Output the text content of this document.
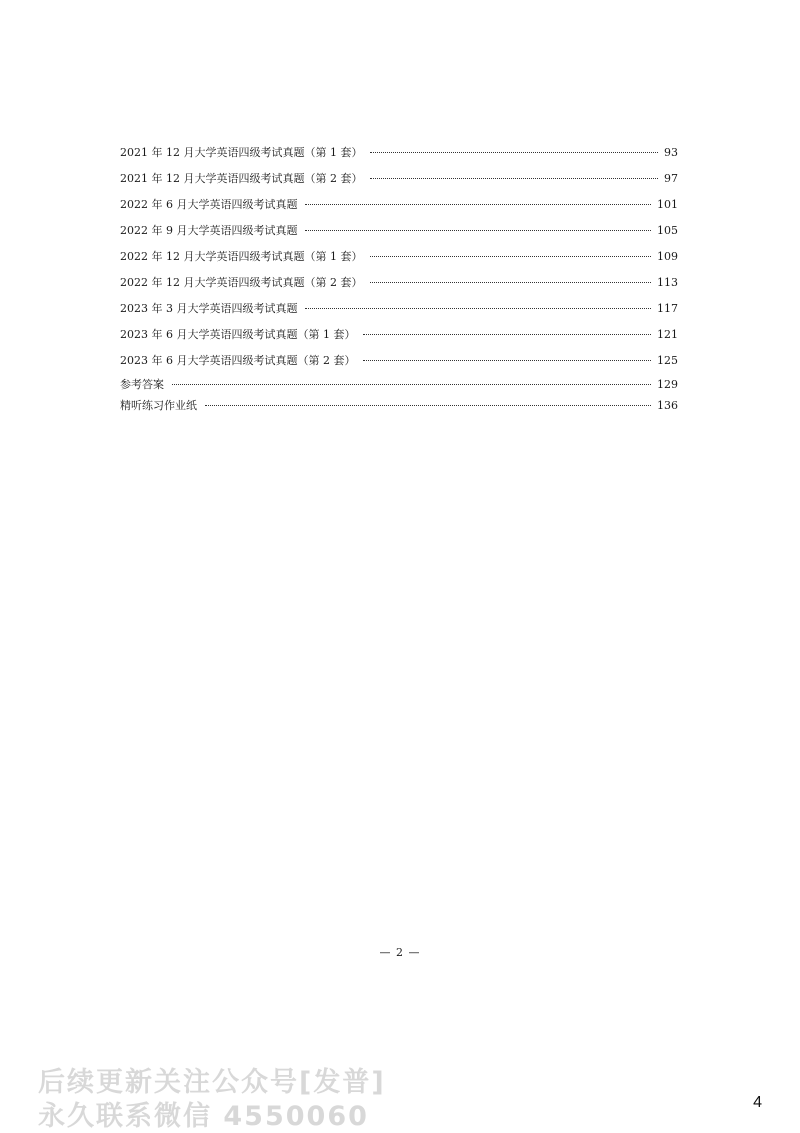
2021 年 12 月大学英语四级考试真题（第 1 套）	93
2021 年 12 月大学英语四级考试真题（第 2 套）	97
2022 年 6 月大学英语四级考试真题	101
2022 年 9 月大学英语四级考试真题	105
2022 年 12 月大学英语四级考试真题（第 1 套）	109
2022 年 12 月大学英语四级考试真题（第 2 套）	113
2023 年 3 月大学英语四级考试真题	117
2023 年 6 月大学英语四级考试真题（第 1 套）	121
2023 年 6 月大学英语四级考试真题（第 2 套）	125
参考答案	129
精听练习作业纸	136
— 2 —
后续更新关注公众号[发普]
永久联系微信 4550060	4
